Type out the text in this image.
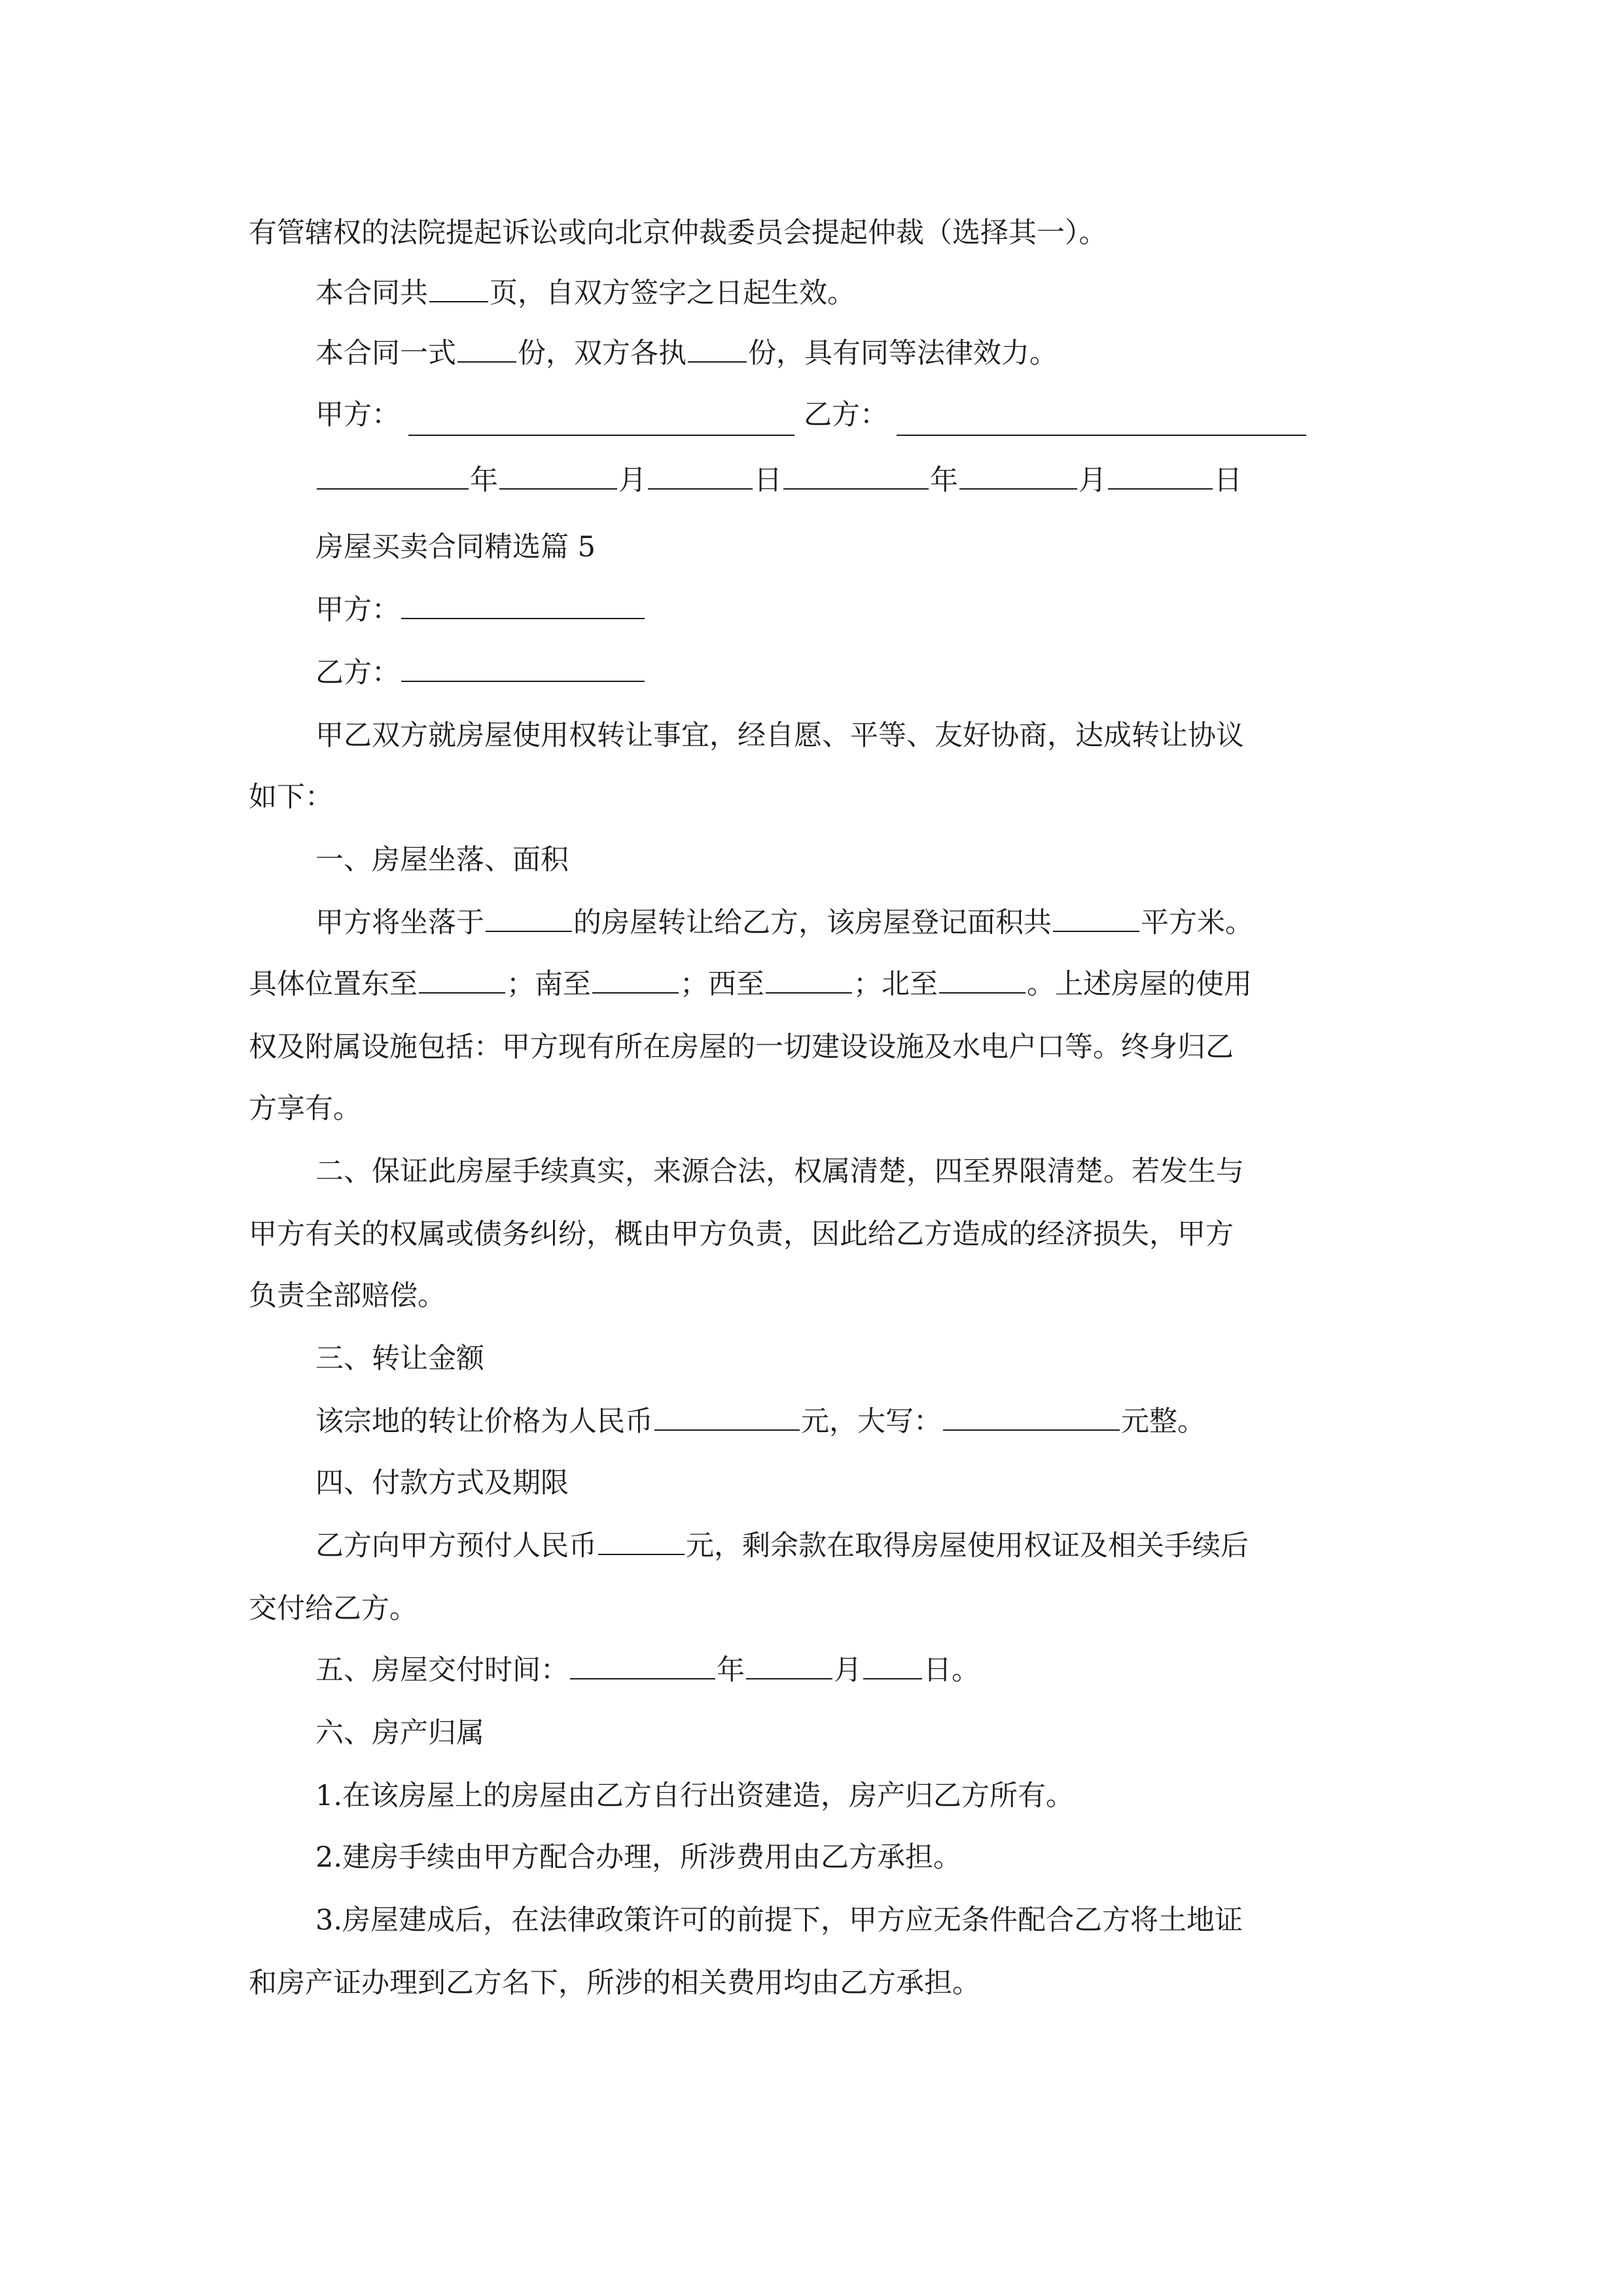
有管辖权的法院提起诉讼或向北京仲裁委员会提起仲裁（选择其一）。
本合同共 页，自双方签字之日起生效。
本合同一式 份，双方各执 份，具有同等法律效力。
甲方：	乙方：
年	月	日	年	月	日
房屋买卖合同精选篇 5
甲方：
乙方：
甲乙双方就房屋使用权转让事宜，经自愿、平等、友好协商，达成转让协议
如下：
一、房屋坐落、面积
甲方将坐落于	的房屋转让给乙方，该房屋登记面积共	平方米。
具体位置东至	；南至	；西至	；北至	。上述房屋的使用
权及附属设施包括：甲方现有所在房屋的一切建设设施及水电户口等。终身归乙
方享有。
二、保证此房屋手续真实，来源合法，权属清楚，四至界限清楚。若发生与
甲方有关的权属或债务纠纷，概由甲方负责，因此给乙方造成的经济损失，甲方
负责全部赔偿。
三、转让金额
该宗地的转让价格为人民币	元，大写：	元整。
四、付款方式及期限
乙方向甲方预付人民币	元，剩余款在取得房屋使用权证及相关手续后
交付给乙方。
五、房屋交付时间：	年	月 日。
六、房产归属
1.在该房屋上的房屋由乙方自行出资建造，房产归乙方所有。
2.建房手续由甲方配合办理，所涉费用由乙方承担。
3.房屋建成后，在法律政策许可的前提下，甲方应无条件配合乙方将土地证
和房产证办理到乙方名下，所涉的相关费用均由乙方承担。
